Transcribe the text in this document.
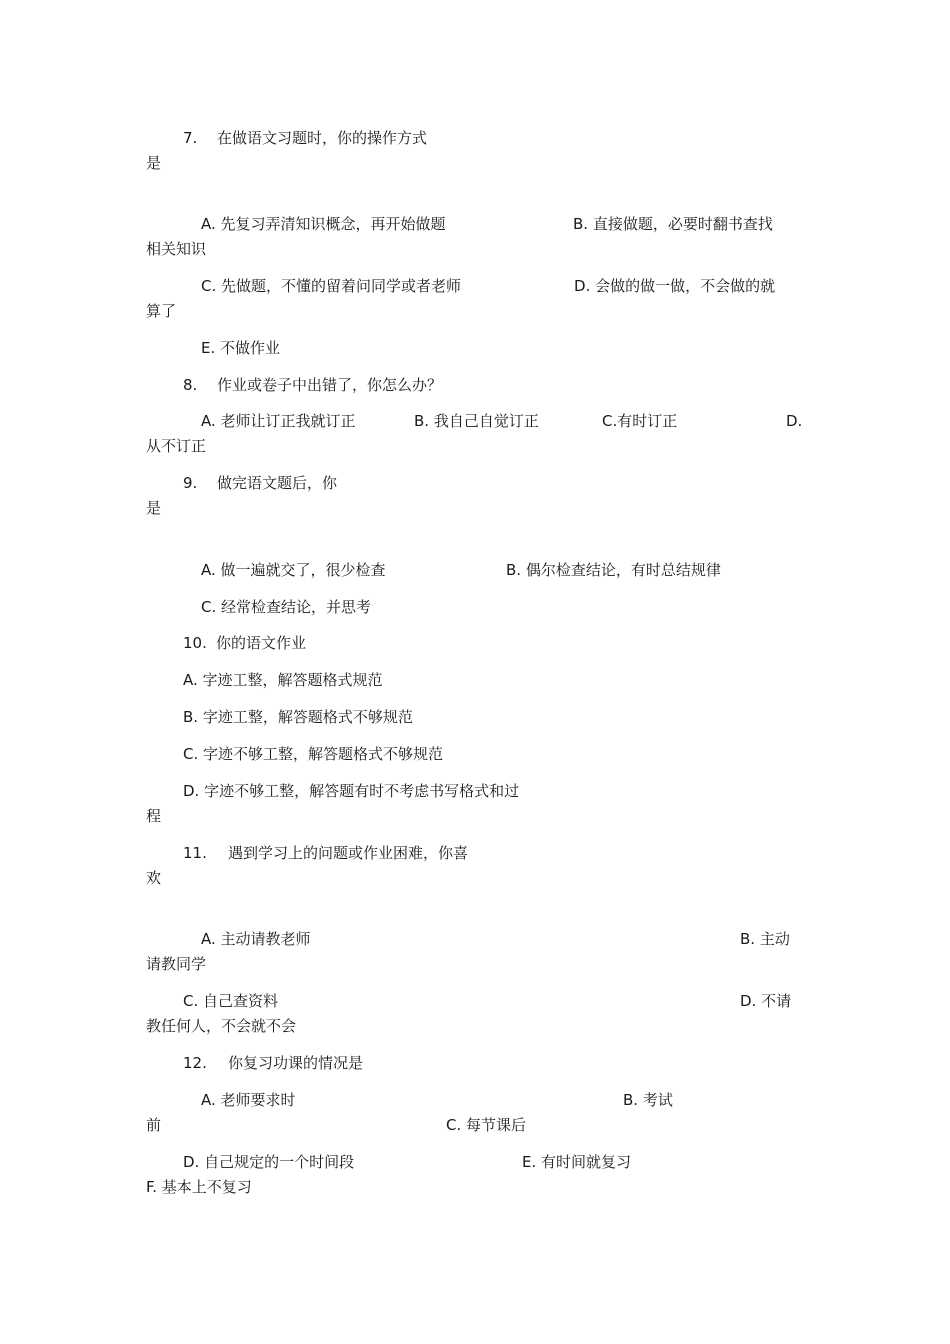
7. 在做语文习题时，你的操作方式
是
A. 先复习弄清知识概念，再开始做题	B. 直接做题，必要时翻书查找
相关知识
C. 先做题，不懂的留着问同学或者老师	D. 会做的做一做，不会做的就
算了
E. 不做作业
8. 作业或卷子中出错了，你怎么办？
A. 老师让订正我就订正	B. 我自己自觉订正	C.有时订正	D.
从不订正
9. 做完语文题后，你
是
A. 做一遍就交了，很少检查	B. 偶尔检查结论，有时总结规律
C. 经常检查结论，并思考
10. 你的语文作业
A. 字迹工整，解答题格式规范
B. 字迹工整，解答题格式不够规范
C. 字迹不够工整，解答题格式不够规范
D. 字迹不够工整，解答题有时不考虑书写格式和过
程
11. 遇到学习上的问题或作业困难，你喜
欢
A. 主动请教老师	B. 主动
请教同学
C. 自己查资料	D. 不请
教任何人，不会就不会
12. 你复习功课的情况是
A. 老师要求时	B. 考试
前	C. 每节课后
D. 自己规定的一个时间段	E. 有时间就复习
F. 基本上不复习
